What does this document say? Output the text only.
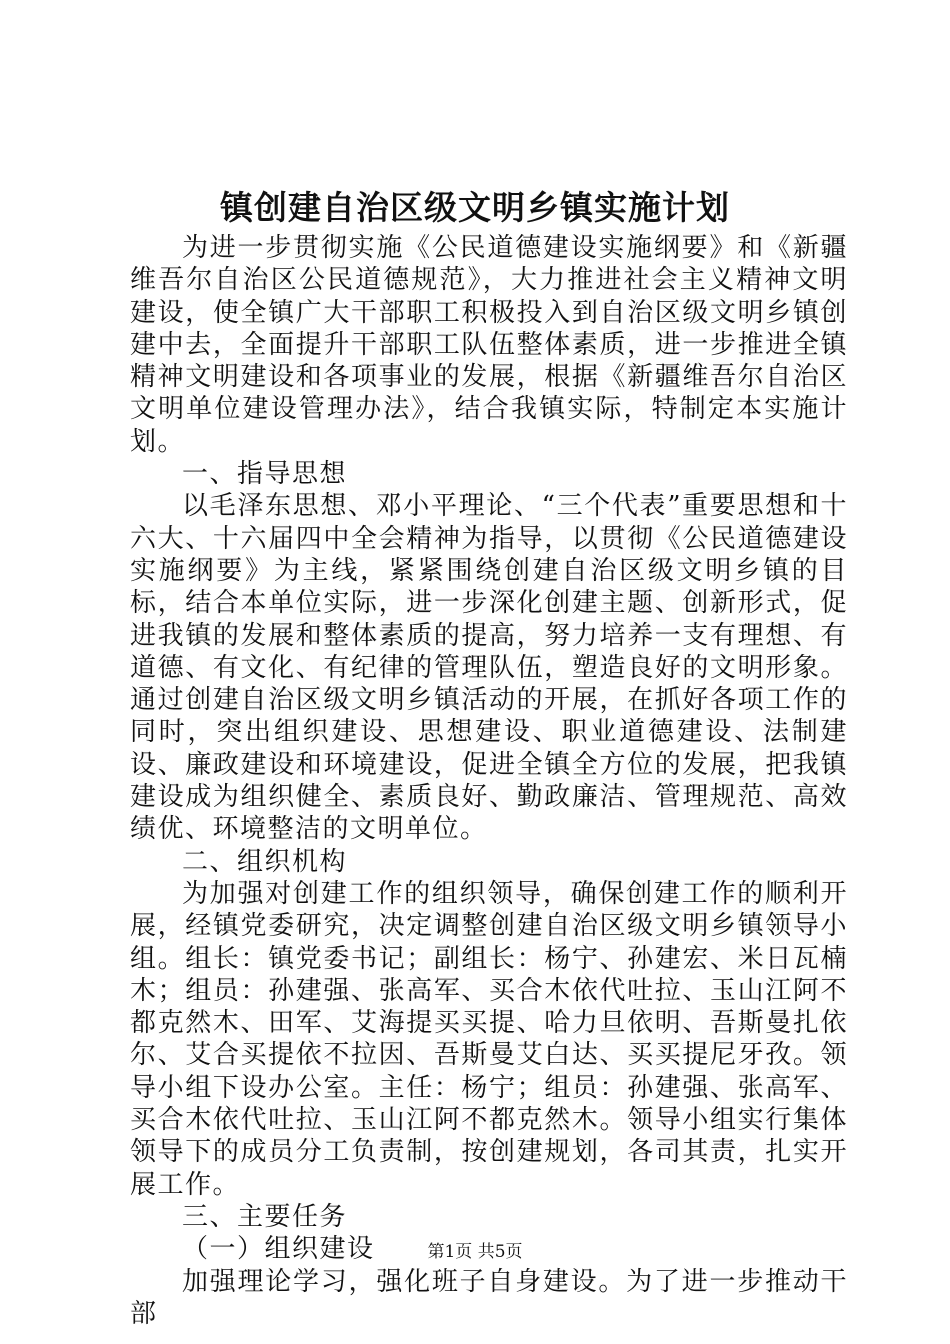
镇创建自治区级文明乡镇实施计划

为进一步贯彻实施《公民道德建设实施纲要》和《新疆维吾尔自治区公民道德规范》，大力推进社会主义精神文明建设，使全镇广大干部职工积极投入到自治区级文明乡镇创建中去，全面提升干部职工队伍整体素质，进一步推进全镇精神文明建设和各项事业的发展，根据《新疆维吾尔自治区文明单位建设管理办法》，结合我镇实际，特制定本实施计划。

一、指导思想

以毛泽东思想、邓小平理论、“三个代表”重要思想和十六大、十六届四中全会精神为指导，以贯彻《公民道德建设实施纲要》为主线，紧紧围绕创建自治区级文明乡镇的目标，结合本单位实际，进一步深化创建主题、创新形式，促进我镇的发展和整体素质的提高，努力培养一支有理想、有道德、有文化、有纪律的管理队伍，塑造良好的文明形象。通过创建自治区级文明乡镇活动的开展，在抓好各项工作的同时，突出组织建设、思想建设、职业道德建设、法制建设、廉政建设和环境建设，促进全镇全方位的发展，把我镇建设成为组织健全、素质良好、勤政廉洁、管理规范、高效绩优、环境整洁的文明单位。

二、组织机构

为加强对创建工作的组织领导，确保创建工作的顺利开展，经镇党委研究，决定调整创建自治区级文明乡镇领导小组。组长：镇党委书记；副组长：杨宁、孙建宏、米日瓦楠木；组员：孙建强、张高军、买合木依代吐拉、玉山江阿不都克然木、田军、艾海提买买提、哈力旦依明、吾斯曼扎依尔、艾合买提依不拉因、吾斯曼艾白达、买买提尼牙孜。领导小组下设办公室。主任：杨宁；组员：孙建强、张高军、买合木依代吐拉、玉山江阿不都克然木。领导小组实行集体领导下的成员分工负责制，按创建规划，各司其责，扎实开展工作。

三、主要任务

（一）组织建设

加强理论学习，强化班子自身建设。为了进一步推动干部

第1页 共5页
